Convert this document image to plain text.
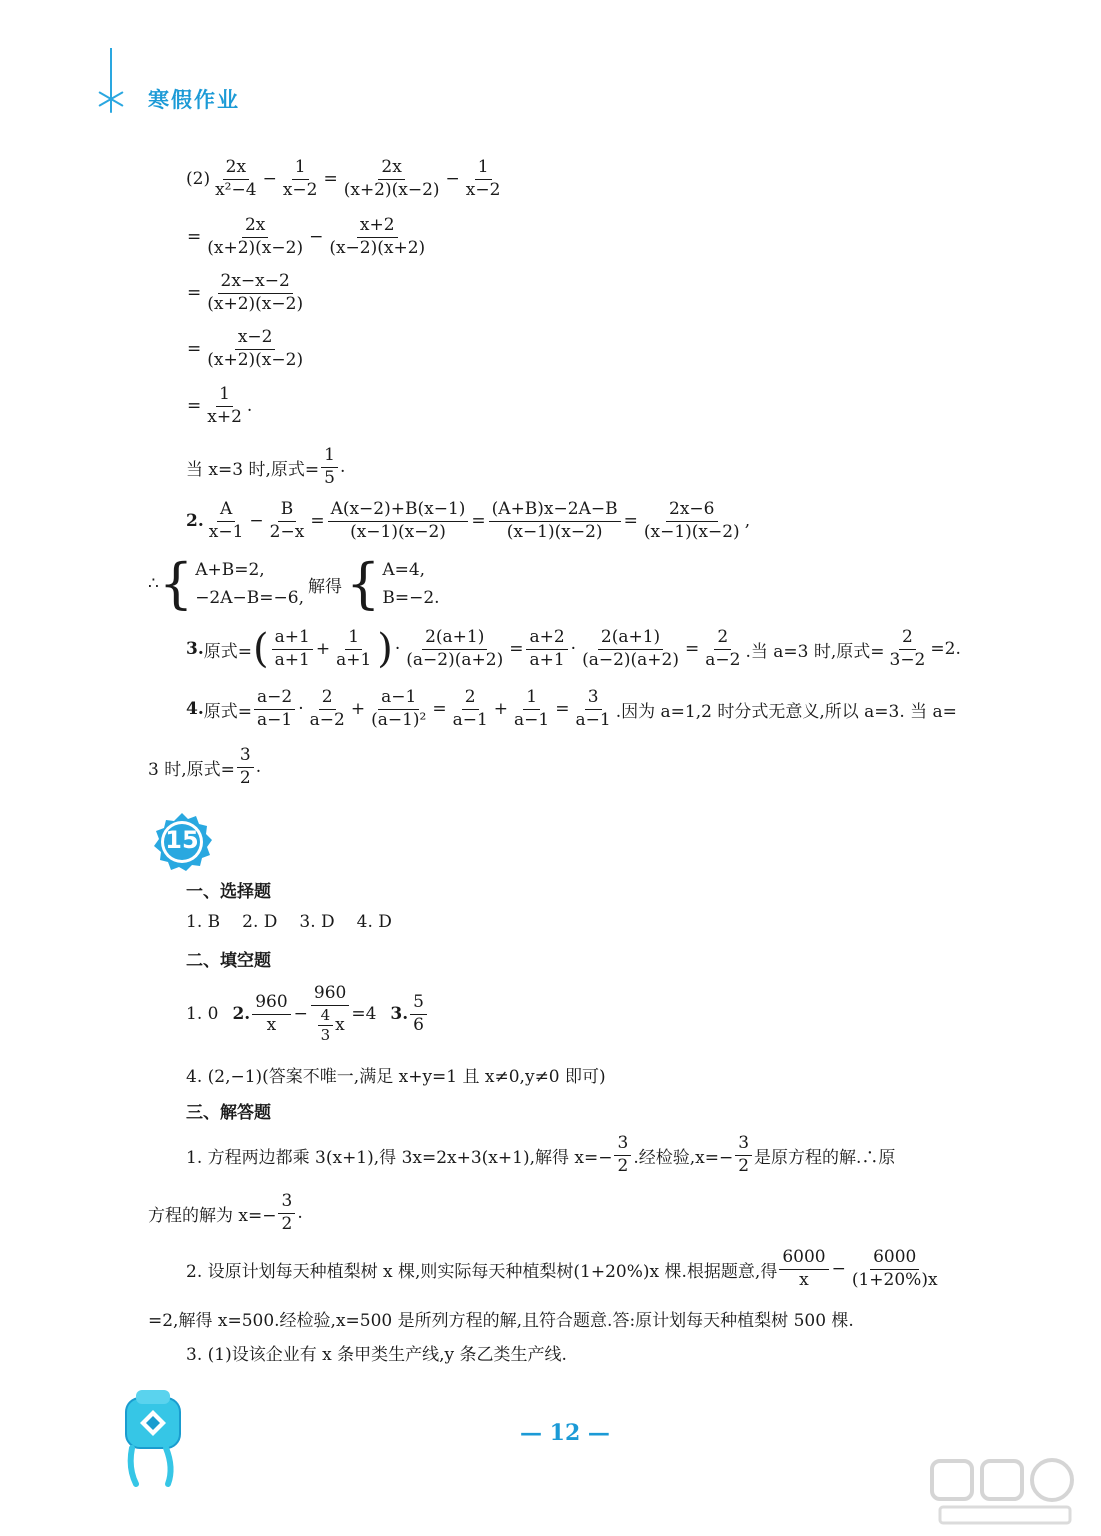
寒假作业
$(2) \frac{2x}{\text{x²−4}} - \frac{1}{x-2} = \frac{2x}{(x+2)(x-2)} - \frac{1}{x-2}$
= $\frac{2x}{(x+2)(x-2)} - \frac{x+2}{(x-2)(x+2)}$
= $\frac{2x-x-2}{(x+2)(x-2)}$
= $\frac{x-2}{(x+2)(x-2)}$
= $\frac{1}{x+2}$ .
当 x=3 时,原式= $\frac{1}{5}$ .
2. $\frac{A}{x-1} - \frac{B}{2-x} = \frac{A(x-2)+B(x-1)}{(x-1)(x-2)} = \frac{(A+B)x-2A-B}{(x-1)(x-2)} = \frac{2x-6}{(x-1)(x-2)}$ ,
∴ { A+B=2,
−2A−B=−6,
解得 { A=4,
B=−2.
3. 原式= ( $\frac{a+1}{a+1} + \frac{1}{a+1}$ ) · $\frac{2(a+1)}{(a-2)(a+2)} = \frac{a+2}{a+1} \cdot \frac{2(a+1)}{(a-2)(a+2)} = \frac{2}{a-2}$ .当 a=3 时,原式= $\frac{2}{3-2} =2$.
4. 原式= $\frac{a-2}{a-1} \cdot \frac{2}{a-2} + \frac{a-1}{\text{(a−1)²}} = \frac{2}{a-1} + \frac{1}{a-1} = \frac{3}{a-1}$ .因为 a=1,2 时分式无意义,所以 a=3. 当 a=
3 时,原式= $\frac{3}{2}$ .
15
一、选择题
1. B 2. D 3. D 4. D
二、填空题
1. 0 2. $\frac{960}{x} - \frac{960}{\frac{4}{3} x} =4$ 3. $\frac{5}{6}$
4. (2,−1)(答案不唯一,满足 x+y=1 且 x≠0,y≠0 即可)
三、解答题
1. 方程两边都乘 3(x+1),得 3x=2x+3(x+1),解得 $x=- \frac{3}{2}$ .经检验$,x=- \frac{3}{2}$ 是原方程的解.∴原
方程的解为 $x=- \frac{3}{2}$ .
2. 设原计划每天种植梨树 x 棵,则实际每天种植梨树(1+20%)x 棵.根据题意,得 $\frac{6000}{x} - \frac{6000}{(1+20\%)x}$
=2,解得 x=500.经检验,x=500 是所列方程的解,且符合题意.答:原计划每天种植梨树 500 棵.
3. (1)设该企业有 x 条甲类生产线,y 条乙类生产线.
— 12 —
